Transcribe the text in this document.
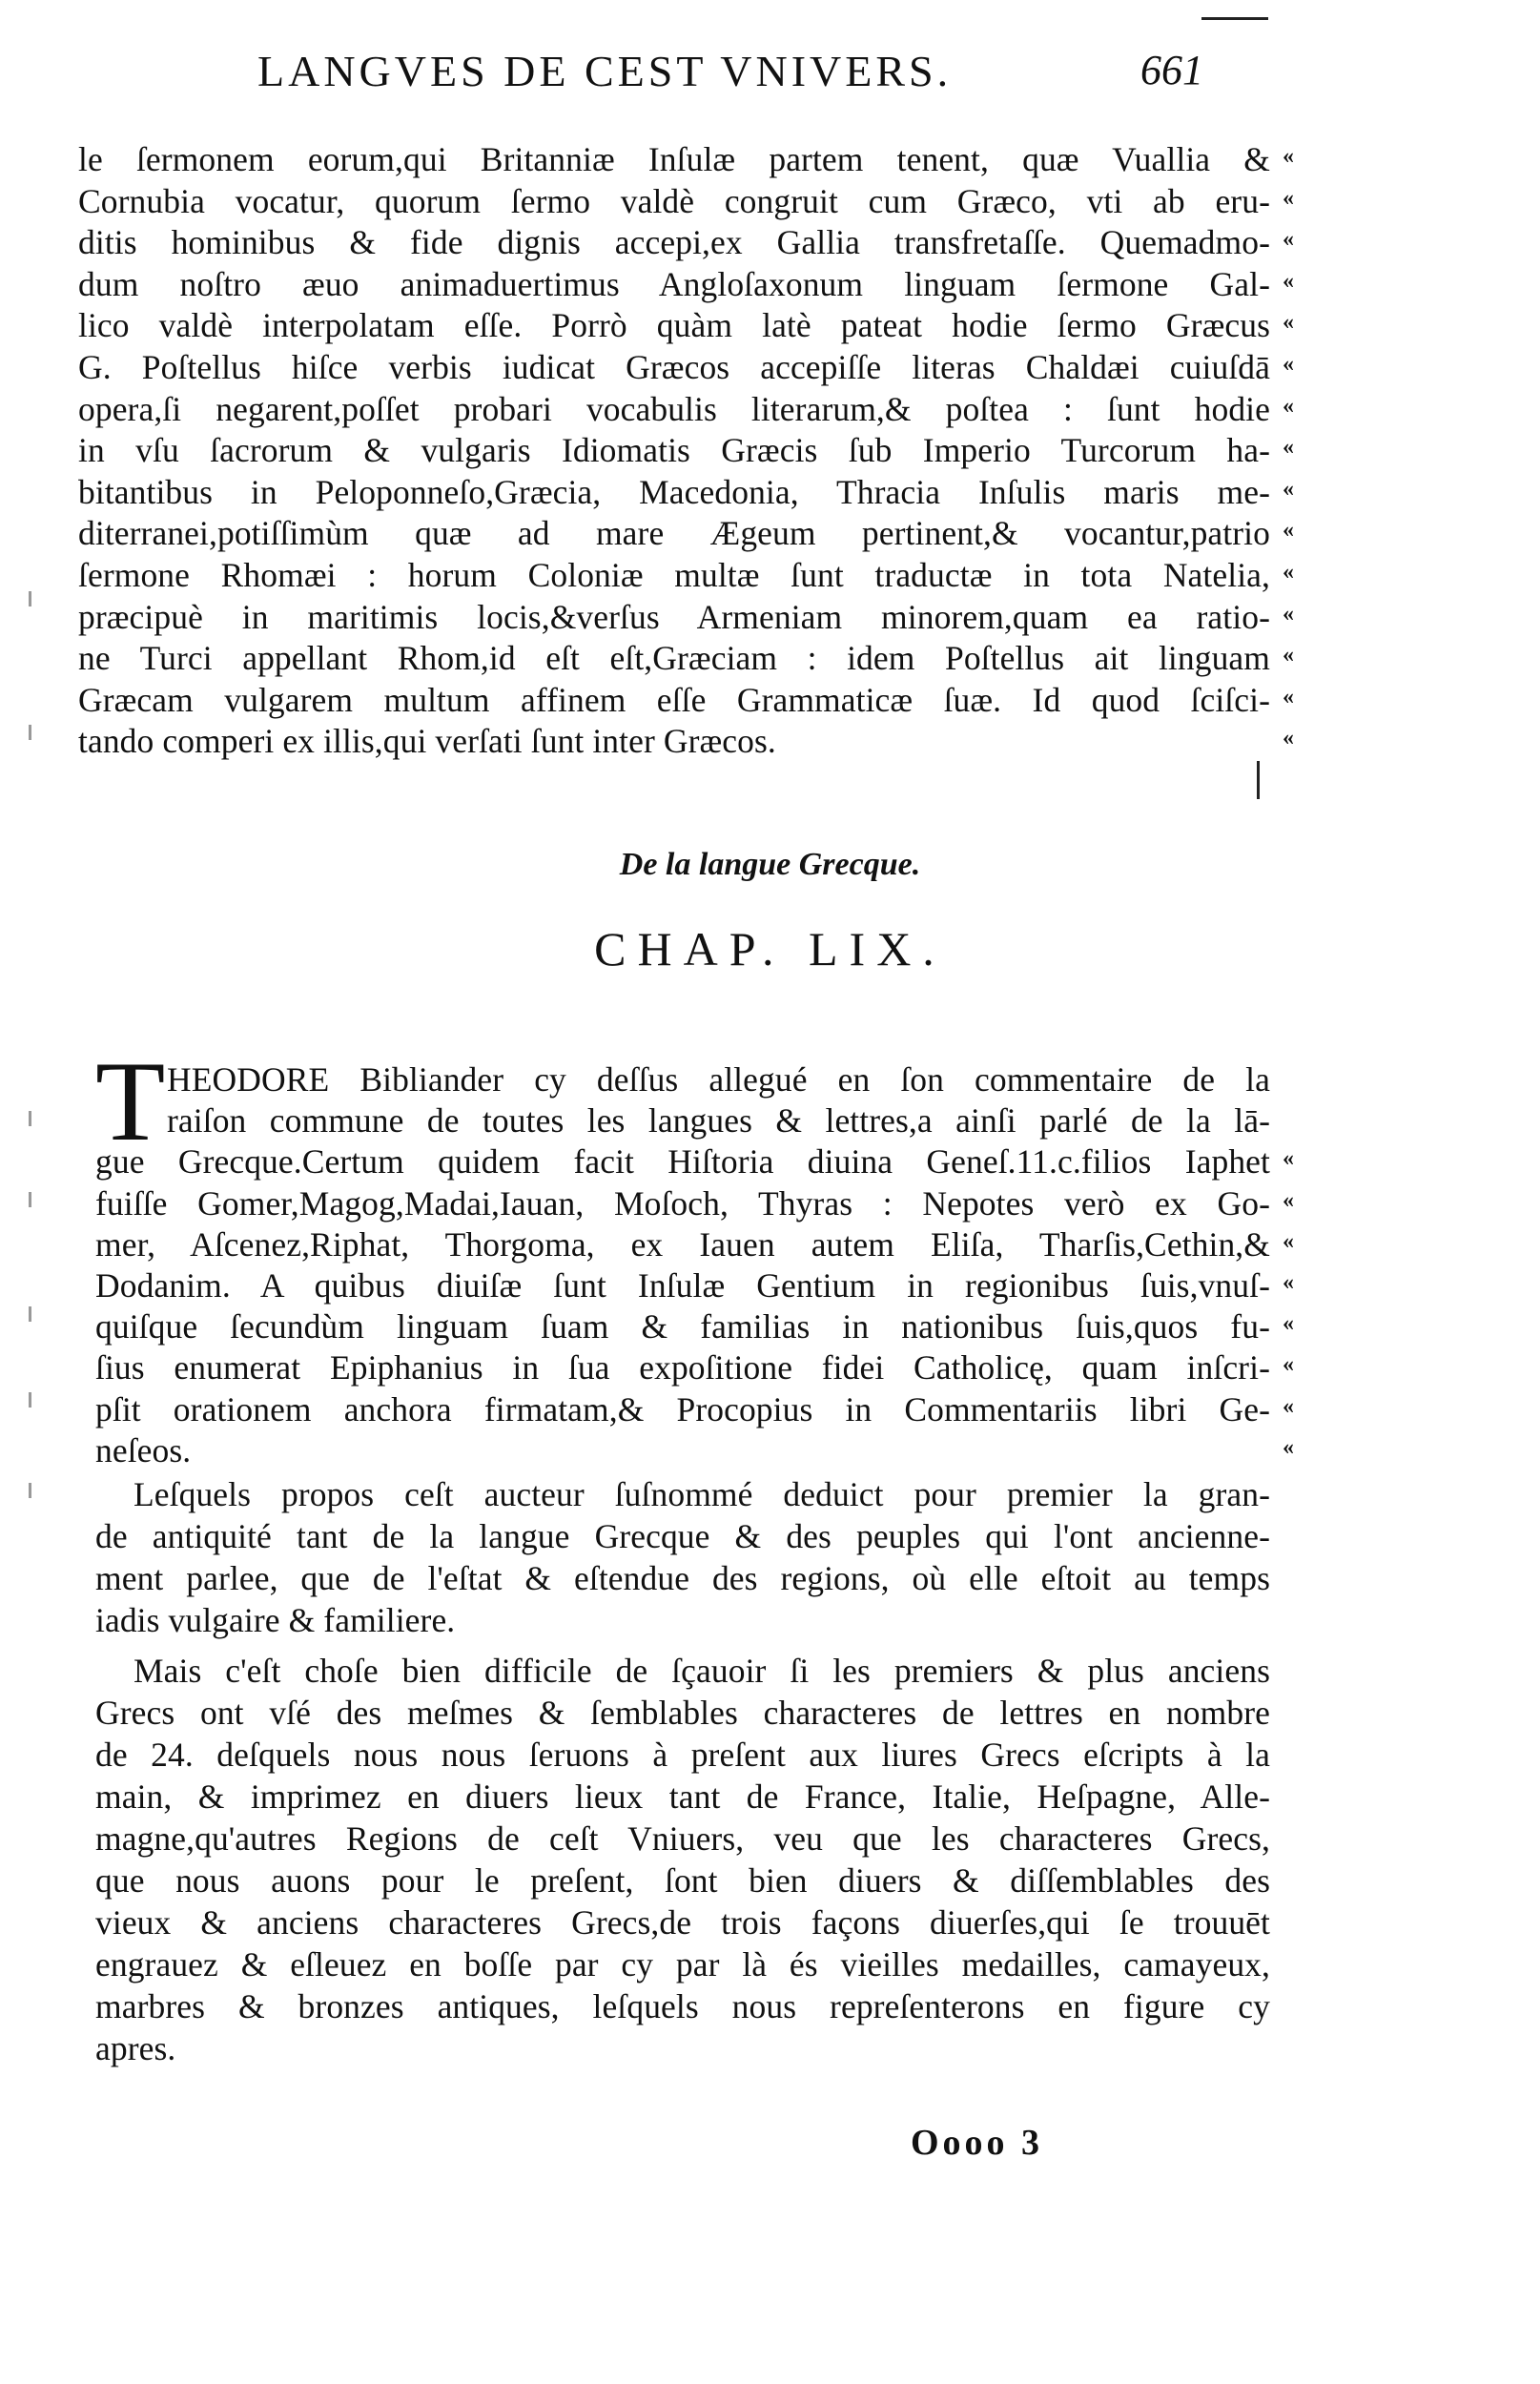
LANGVES DE CEST VNIVERS.	661
le ſermonem eorum,qui Britanniæ Inſulæ partem tenent, quæ Vuallia & «
Cornubia vocatur, quorum ſermo valdè congruit cum Græco, vti ab eru- «
ditis hominibus & fide dignis accepi,ex Gallia transfretaſſe. Quemadmo- «
dum noſtro æuo animaduertimus Angloſaxonum linguam ſermone Gal- «
lico valdè interpolatam eſſe. Porrò quàm latè pateat hodie ſermo Græcus «
G. Poſtellus hiſce verbis iudicat Græcos accepiſſe literas Chaldæi cuiuſdā «
opera,ſi negarent,poſſet probari vocabulis literarum,& poſtea : ſunt hodie «
in vſu ſacrorum & vulgaris Idiomatis Græcis ſub Imperio Turcorum ha- «
bitantibus in Peloponneſo,Græcia, Macedonia, Thracia Inſulis maris me- «
diterranei,potiſſimùm quæ ad mare Ægeum pertinent,& vocantur,patrio «
ſermone Rhomæi : horum Coloniæ multæ ſunt traductæ in tota Natelia, «
præcipuè in maritimis locis,&verſus Armeniam minorem,quam ea ratio- «
ne Turci appellant Rhom,id eſt eſt,Græciam : idem Poſtellus ait linguam «
Græcam vulgarem multum affinem eſſe Grammaticæ ſuæ. Id quod ſciſci- «
tando comperi ex illis,qui verſati ſunt inter Græcos.	«
De la langue Grecque.
CHAP. LIX.
T HEODORE Bibliander cy deſſus allegué en ſon commentaire de la
raiſon commune de toutes les langues & lettres,a ainſi parlé de la lā-
gue Grecque.Certum quidem facit Hiſtoria diuina Geneſ.11.c.filios Iaphet «
fuiſſe Gomer,Magog,Madai,Iauan, Moſoch, Thyras : Nepotes verò ex Go- «
mer, Aſcenez,Riphat, Thorgoma, ex Iauen autem Eliſa, Tharſis,Cethin,& «
Dodanim. A quibus diuiſæ ſunt Inſulæ Gentium in regionibus ſuis,vnuſ- «
quiſque ſecundùm linguam ſuam & familias in nationibus ſuis,quos fu- «
ſius enumerat Epiphanius in ſua expoſitione fidei Catholicę, quam inſcri- «
pſit orationem anchora firmatam,& Procopius in Commentariis libri Ge- «
neſeos.	«
Leſquels propos ceſt aucteur ſuſnommé deduict pour premier la gran-
de antiquité tant de la langue Grecque & des peuples qui l'ont ancienne-
ment parlee, que de l'eſtat & eſtendue des regions, où elle eſtoit au temps
iadis vulgaire & familiere.
Mais c'eſt choſe bien difficile de ſçauoir ſi les premiers & plus anciens
Grecs ont vſé des meſmes & ſemblables characteres de lettres en nombre
de 24. deſquels nous nous ſeruons à preſent aux liures Grecs eſcripts à la
main, & imprimez en diuers lieux tant de France, Italie, Heſpagne, Alle-
magne,qu'autres Regions de ceſt Vniuers, veu que les characteres Grecs,
que nous auons pour le preſent, ſont bien diuers & diſſemblables des
vieux & anciens characteres Grecs,de trois façons diuerſes,qui ſe trouuēt
engrauez & eſleuez en boſſe par cy par là és vieilles medailles, camayeux,
marbres & bronzes antiques, leſquels nous repreſenterons en figure cy
apres.
Oooo 3
